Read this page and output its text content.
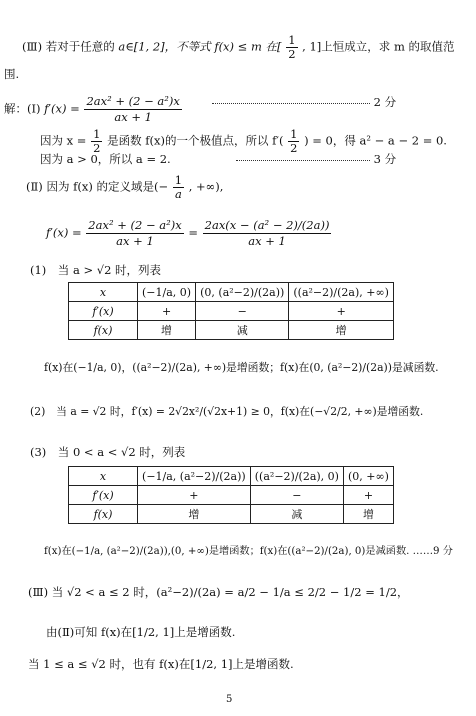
(Ⅲ) 若对于任意的 a∈[1, 2]，不等式 f(x) ≤ m 在[ $\frac{1}{2}$ , 1]上恒成立，求 m 的取值范
围.
解：(Ⅰ) $f'(x) = \frac{\text{2ax² + (2 − a²)x}}{ax + 1}$	2 分
因为 $x = \frac{1}{2}$ 是函数 f(x)的一个极值点，所以 $f'( \frac{1}{2}$ ) = 0，得 a² − a − 2 = 0.
因为 a > 0，所以 a = 2.	3 分
(Ⅱ) 因为 f(x) 的定义域是(− $\frac{1}{a}$ , +∞),
$f'(x) = \frac{\text{2ax² + (2 − a²)x}}{ax + 1} = \frac{\text{2ax(x − (a² − 2)/(2a))}}{ax + 1}$
(1)　当 a > √2 时，列表
x	(−1/a, 0)	(0, (a²−2)/(2a))	((a²−2)/(2a), +∞)
f′(x)	+	−	+
f(x)	增	减	增
f(x)在(−1/a, 0)，((a²−2)/(2a), +∞)是增函数；f(x)在(0, (a²−2)/(2a))是减函数.
(2)　当 a = √2 时，f′(x) = 2√2x²/(√2x+1) ≥ 0，f(x)在(−√2/2, +∞)是增函数.
(3)　当 0 < a < √2 时，列表
x	(−1/a, (a²−2)/(2a))	((a²−2)/(2a), 0)	(0, +∞)
f′(x)	+	−	+
f(x)	增	减	增
f(x)在(−1/a, (a²−2)/(2a)),(0, +∞)是增函数；f(x)在((a²−2)/(2a), 0)是减函数. ……9 分
(Ⅲ) 当 √2 < a ≤ 2 时，(a²−2)/(2a) = a/2 − 1/a ≤ 2/2 − 1/2 = 1/2，
由(Ⅱ)可知 f(x)在[1/2, 1]上是增函数.
当 1 ≤ a ≤ √2 时，也有 f(x)在[1/2, 1]上是增函数.
5
